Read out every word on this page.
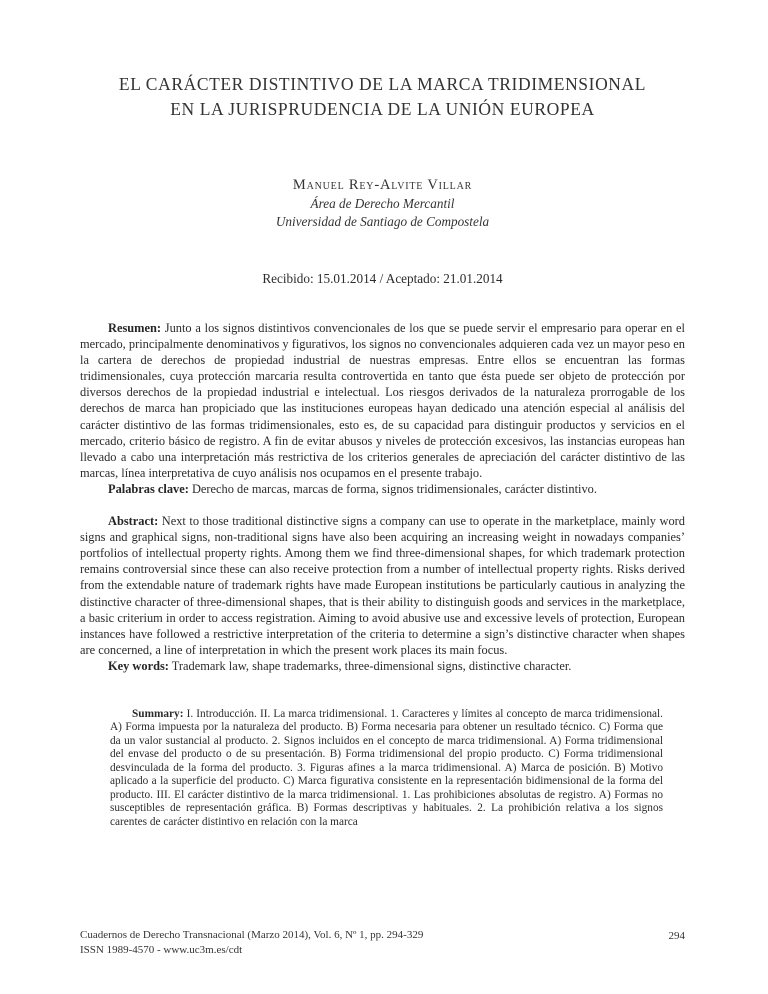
EL CARÁCTER DISTINTIVO DE LA MARCA TRIDIMENSIONAL
EN LA JURISPRUDENCIA DE LA UNIÓN EUROPEA
Manuel Rey-Alvite Villar
Área de Derecho Mercantil
Universidad de Santiago de Compostela
Recibido: 15.01.2014 / Aceptado: 21.01.2014

Resumen: Junto a los signos distintivos convencionales de los que se puede servir el empresario para operar en el mercado, principalmente denominativos y figurativos, los signos no convencionales adquieren cada vez un mayor peso en la cartera de derechos de propiedad industrial de nuestras empresas. Entre ellos se encuentran las formas tridimensionales, cuya protección marcaria resulta controvertida en tanto que ésta puede ser objeto de protección por diversos derechos de la propiedad industrial e intelectual. Los riesgos derivados de la naturaleza prorrogable de los derechos de marca han propiciado que las instituciones europeas hayan dedicado una atención especial al análisis del carácter distintivo de las formas tridimensionales, esto es, de su capacidad para distinguir productos y servicios en el mercado, criterio básico de registro. A fin de evitar abusos y niveles de protección excesivos, las instancias europeas han llevado a cabo una interpretación más restrictiva de los criterios generales de apreciación del carácter distintivo de las marcas, línea interpretativa de cuyo análisis nos ocupamos en el presente trabajo.

Palabras clave: Derecho de marcas, marcas de forma, signos tridimensionales, carácter distintivo.

Abstract: Next to those traditional distinctive signs a company can use to operate in the marketplace, mainly word signs and graphical signs, non-traditional signs have also been acquiring an increasing weight in nowadays companies’ portfolios of intellectual property rights. Among them we find three-dimensional shapes, for which trademark protection remains controversial since these can also receive protection from a number of intellectual property rights. Risks derived from the extendable nature of trademark rights have made European institutions be particularly cautious in analyzing the distinctive character of three-dimensional shapes, that is their ability to distinguish goods and services in the marketplace, a basic criterium in order to access registration. Aiming to avoid abusive use and excessive levels of protection, European instances have followed a restrictive interpretation of the criteria to determine a sign’s distinctive character when shapes are concerned, a line of interpretation in which the present work places its main focus.

Key words: Trademark law, shape trademarks, three-dimensional signs, distinctive character.

Summary: I. Introducción. II. La marca tridimensional. 1. Caracteres y límites al concepto de marca tridimensional. A) Forma impuesta por la naturaleza del producto. B) Forma necesaria para obtener un resultado técnico. C) Forma que da un valor sustancial al producto. 2. Signos incluidos en el concepto de marca tridimensional. A) Forma tridimensional del envase del producto o de su presentación. B) Forma tridimensional del propio producto. C) Forma tridimensional desvinculada de la forma del producto. 3. Figuras afines a la marca tridimensional. A) Marca de posición. B) Motivo aplicado a la superficie del producto. C) Marca figurativa consistente en la representación bidimensional de la forma del producto. III. El carácter distintivo de la marca tridimensional. 1. Las prohibiciones absolutas de registro. A) Formas no susceptibles de representación gráfica. B) Formas descriptivas y habituales. 2. La prohibición relativa a los signos carentes de carácter distintivo en relación con la marca

Cuadernos de Derecho Transnacional (Marzo 2014), Vol. 6, Nº 1, pp. 294-329
ISSN 1989-4570 - www.uc3m.es/cdt
294
